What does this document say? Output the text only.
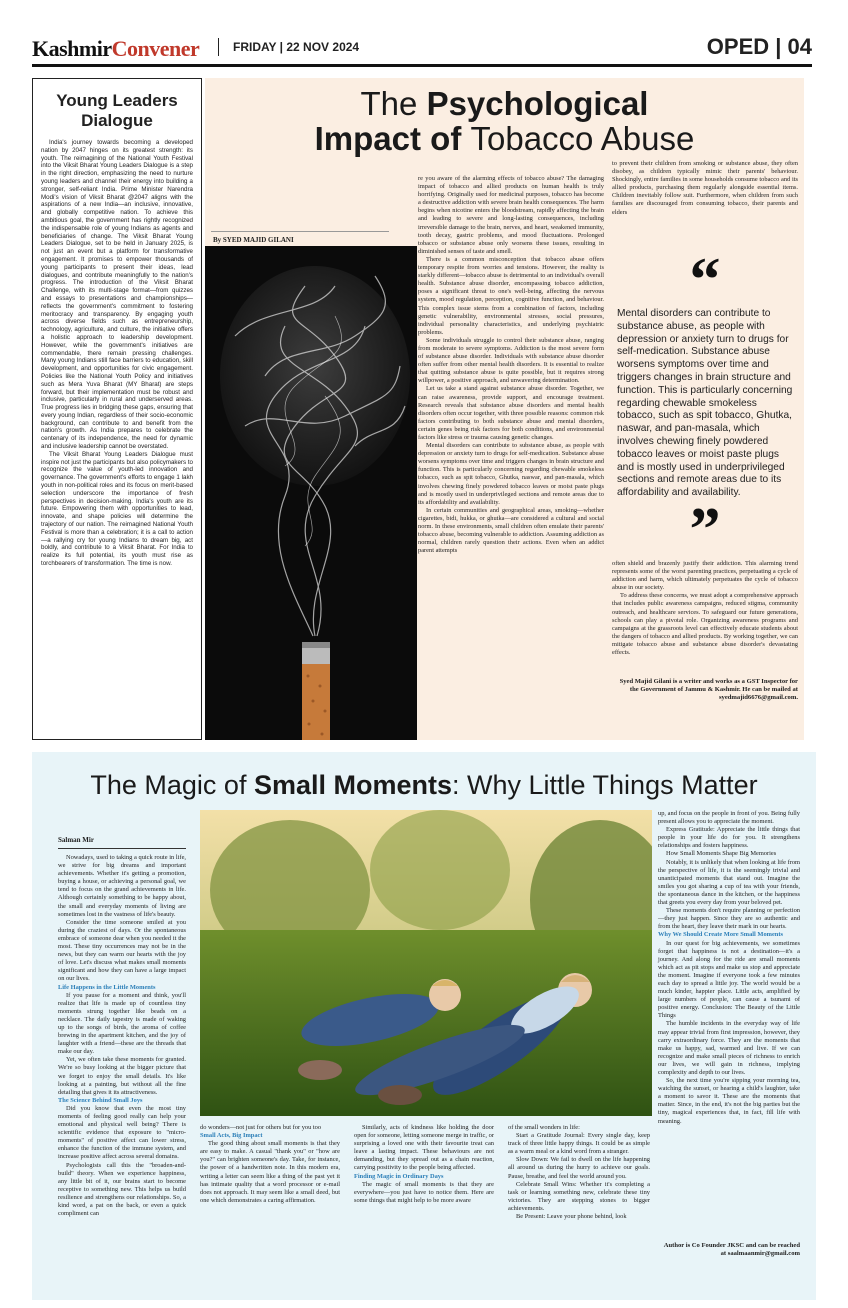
KashmirConvener	FRIDAY | 22 NOV 2024	OPED | 04
Young Leaders Dialogue

India's journey towards becoming a developed nation by 2047 hinges on its greatest strength: its youth. The reimagining of the National Youth Festival into the Viksit Bharat Young Leaders Dialogue is a step in the right direction, emphasizing the need to nurture young leaders and channel their energy into building a stronger, self-reliant India. Prime Minister Narendra Modi's vision of Viksit Bharat @2047 aligns with the aspirations of a new India—an inclusive, innovative, and globally competitive nation. To achieve this ambitious goal, the government has rightly recognized the indispensable role of young Indians as agents and beneficiaries of change. The Viksit Bharat Young Leaders Dialogue, set to be held in January 2025, is not just an event but a platform for transformative engagement. It promises to empower thousands of young participants to present their ideas, lead dialogues, and contribute meaningfully to the nation's progress. The introduction of the Viksit Bharat Challenge, with its multi-stage format—from quizzes and essays to presentations and championships—reflects the government's commitment to fostering meritocracy and transparency. By engaging youth across diverse fields such as entrepreneurship, technology, agriculture, and culture, the initiative offers a holistic approach to leadership development. However, while the government's initiatives are commendable, there remain pressing challenges. Many young Indians still face barriers to education, skill development, and opportunities for civic engagement. Policies like the National Youth Policy and initiatives such as Mera Yuva Bharat (MY Bharat) are steps forward, but their implementation must be robust and inclusive, particularly in rural and underserved areas. True progress lies in bridging these gaps, ensuring that every young Indian, regardless of their socio-economic background, can contribute to and benefit from the nation's growth. As India prepares to celebrate the centenary of its independence, the need for dynamic and inclusive leadership cannot be overstated.

The Viksit Bharat Young Leaders Dialogue must inspire not just the participants but also policymakers to recognize the value of youth-led innovation and governance. The government's efforts to engage 1 lakh youth in non-political roles and its focus on merit-based selection underscore the importance of fresh perspectives in decision-making. India's youth are its future. Empowering them with opportunities to lead, innovate, and shape policies will determine the trajectory of our nation. The reimagined National Youth Festival is more than a celebration; it is a call to action—a rallying cry for young Indians to dream big, act boldly, and contribute to a Viksit Bharat. For India to realize its full potential, its youth must rise as torchbearers of transformation. The time is now.

The Psychological
Impact of Tobacco Abuse
By SYED MAJID GILANI

re you aware of the alarming effects of tobacco abuse? The damaging impact of tobacco and allied products on human health is truly horrifying. Originally used for medicinal purposes, tobacco has become a destructive addiction with severe brain health consequences. The harm begins when nicotine enters the bloodstream, rapidly affecting the brain and leading to severe and long-lasting consequences, including irreversible damage to the brain, nerves, and heart, weakened immunity, tooth decay, gastric problems, and mood fluctuations. Prolonged tobacco or substance abuse only worsens these issues, resulting in diminished senses of taste and smell.

There is a common misconception that tobacco abuse offers temporary respite from worries and tensions. However, the reality is starkly different—tobacco abuse is detrimental to an individual's overall health. Substance abuse disorder, encompassing tobacco addiction, poses a significant threat to one's well-being, affecting the nervous system, mood regulation, perception, cognitive function, and behaviour. This complex issue stems from a combination of factors, including genetic vulnerability, environmental stresses, social pressures, individual personality characteristics, and underlying psychiatric problems.

Some individuals struggle to control their substance abuse, ranging from moderate to severe symptoms. Addiction is the most severe form of substance abuse disorder. Individuals with substance abuse disorder often suffer from other mental health disorders. It is essential to realize that quitting substance abuse is quite possible, but it requires strong willpower, a positive approach, and unwavering determination.

Let us take a stand against substance abuse disorder. Together, we can raise awareness, provide support, and encourage treatment. Research reveals that substance abuse disorders and mental health disorders often occur together, with three possible reasons: common risk factors contributing to both substance abuse and mental disorders, certain genes being risk factors for both conditions, and environmental factors like stress or trauma causing genetic changes.

Mental disorders can contribute to substance abuse, as people with depression or anxiety turn to drugs for self-medication. Substance abuse worsens symptoms over time and triggers changes in brain structure and function. This is particularly concerning regarding chewable smokeless tobacco, such as spit tobacco, Ghutka, naswar, and pan-masala, which involves chewing finely powdered tobacco leaves or moist paste plugs and is mostly used in underprivileged sections and remote areas due to its affordability and availability.

In certain communities and geographical areas, smoking—whether cigarettes, bidi, hukka, or ghutka—are considered a cultural and social norm. In these environments, small children often emulate their parents' tobacco abuse, becoming vulnerable to addiction. Assuming addiction as normal, children rarely question their actions. Even when an addict parent attempts

to prevent their children from smoking or substance abuse, they often disobey, as children typically mimic their parents' behaviour. Shockingly, entire families in some households consume tobacco and its allied products, purchasing them regularly alongside essential items. Children inevitably follow suit. Furthermore, when children from such families are discouraged from consuming tobacco, their parents and elders

“
Mental disorders can contribute to substance abuse, as people with depression or anxiety turn to drugs for self-medication. Substance abuse worsens symptoms over time and triggers changes in brain structure and function. This is particularly concerning regarding chewable smokeless tobacco, such as spit tobacco, Ghutka, naswar, and pan-masala, which involves chewing finely powdered tobacco leaves or moist paste plugs and is mostly used in underprivileged sections and remote areas due to its affordability and availability.
”

often shield and brazenly justify their addiction. This alarming trend represents some of the worst parenting practices, perpetuating a cycle of addiction and harm, which ultimately perpetuates the cycle of tobacco abuse in our society.

To address these concerns, we must adopt a comprehensive approach that includes public awareness campaigns, reduced stigma, community outreach, and healthcare services. To safeguard our future generations, schools can play a pivotal role. Organizing awareness programs and campaigns at the grassroots level can effectively educate students about the dangers of tobacco and allied products. By working together, we can mitigate tobacco abuse and substance abuse disorder's devastating effects.

Syed Majid Gilani is a writer and works as a GST Inspector for the Government of Jammu & Kashmir. He can be mailed at syedmajid6676@gmail.com.
The Magic of Small Moments: Why Little Things Matter
Salman Mir

Nowadays, used to taking a quick route in life, we strive for big dreams and important achievements. Whether it's getting a promotion, buying a house, or achieving a personal goal, we tend to focus on the grand achievements in life. Although certainly something to be happy about, the small and everyday moments of living are sometimes lost in the vastness of life's beauty.

Consider the time someone smiled at you during the craziest of days. Or the spontaneous embrace of someone dear when you needed it the most. These tiny occurrences may not be in the news, but they can warm our hearts with the joy of love. Let's discuss what makes small moments significant and how they can have a large impact on our lives.

Life Happens in the Little Moments

If you pause for a moment and think, you'll realize that life is made up of countless tiny moments strung together like beads on a necklace. The daily tapestry is made of waking up to the songs of birds, the aroma of coffee brewing in the apartment kitchen, and the joy of laughter with a friend—these are the threads that make our day.

Yet, we often take these moments for granted. We're so busy looking at the bigger picture that we forget to enjoy the small details. It's like looking at a painting, but without all the fine detailing that gives it its attractiveness.

The Science Behind Small Joys

Did you know that even the most tiny moments of feeling good really can help your emotional and physical well being? There is scientific evidence that exposure to "micro-moments" of positive affect can lower stress, enhance the function of the immune system, and increase positive affect across several domains.

Psychologists call this the "broaden-and-build" theory. When we experience happiness, any little bit of it, our brains start to become receptive to something new. This helps us build resilience and strengthens our relationships. So, a kind word, a pat on the back, or even a quick compliment can

do wonders—not just for others but for you too

Small Acts, Big Impact

The good thing about small moments is that they are easy to make. A casual "thank you" or "how are you?" can brighten someone's day. Take, for instance, the power of a handwritten note. In this modern era, writing a letter can seem like a thing of the past yet it has intimate quality that a word processor or e-mail does not approach. It may seem like a small deed, but one which demonstrates a caring affirmation.

Similarly, acts of kindness like holding the door open for someone, letting someone merge in traffic, or surprising a loved one with their favourite treat can leave a lasting impact. These behaviours are not demanding, but they spread out as a chain reaction, carrying positivity to the people being affected.

Finding Magic in Ordinary Days

The magic of small moments is that they are everywhere—you just have to notice them. Here are some things that might help to be more aware

of the small wonders in life:

Start a Gratitude Journal: Every single day, keep track of three little happy things. It could be as simple as a warm meal or a kind word from a stranger.

Slow Down: We fail to dwell on the life happening all around us during the hurry to achieve our goals. Pause, breathe, and feel the world around you.

Celebrate Small Wins: Whether it's completing a task or learning something new, celebrate these tiny victories. They are stepping stones to bigger achievements.

Be Present: Leave your phone behind, look

up, and focus on the people in front of you. Being fully present allows you to appreciate the moment.

Express Gratitude: Appreciate the little things that people in your life do for you. It strengthens relationships and fosters happiness.

How Small Moments Shape Big Memories

Notably, it is unlikely that when looking at life from the perspective of life, it is the seemingly trivial and unanticipated moments that stand out. Imagine the smiles you got sharing a cup of tea with your friends, the spontaneous dance in the kitchen, or the happiness that greets you every day from your beloved pet.

These moments don't require planning or perfection—they just happen. Since they are so authentic and from the heart, they leave their mark in our hearts.

Why We Should Create More Small Moments

In our quest for big achievements, we sometimes forget that happiness is not a destination—it's a journey. And along for the ride are small moments which act as pit stops and make us stop and appreciate the moment. Imagine if everyone took a few minutes each day to spread a little joy. The world would be a much kinder, happier place. Little acts, amplified by large numbers of people, can cause a tsunami of positive energy. Conclusion: The Beauty of the Little Things

The humble incidents in the everyday way of life may appear trivial from first impression, however, they carry extraordinary force. They are the moments that make us happy, sad, warmed and live. If we can recognize and make small pieces of richness to enrich our lives, we will gain in richness, implying complexity and depth to our lives.

So, the next time you're sipping your morning tea, watching the sunset, or hearing a child's laughter, take a moment to savor it. These are the moments that matter. Since, in the end, it's not the big parties but the tiny, magical experiences that, in fact, fill life with meaning.

Author is Co Founder JKSC and can be reached at saalmaanmir@gmail.com
